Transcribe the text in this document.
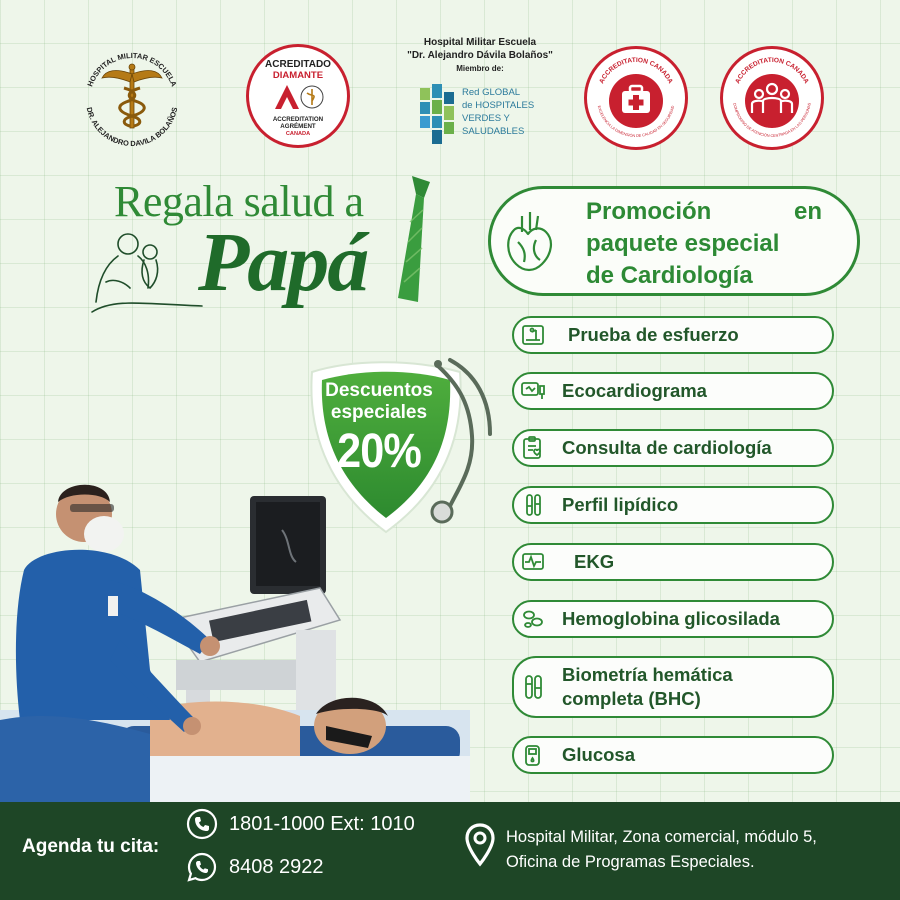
HOSPITAL MILITAR ESCUELA
DR. ALEJANDRO DAVILA BOLAÑOS
ACREDITADO
DIAMANTE
ACCREDITATION
AGRÉMENT
CANADA
Hospital Militar Escuela
"Dr. Alejandro Dávila Bolaños"
Miembro de:
Red GLOBAL
de HOSPITALES
VERDES Y
SALUDABLES
ACCREDITATION CANADA
EXCELENCIA LA DIMENSIÓN DE CALIDAD EN SEGURIDAD
ACCREDITATION CANADA
COMPROMISO DE ATENCIÓN CENTRADA EN LAS PERSONAS
Regala salud a
Papá
Descuentos
especiales
20%
Promoción	en
paquete especial
de Cardiología
Prueba de esfuerzo
Ecocardiograma
Consulta de cardiología
Perfil lipídico
EKG
Hemoglobina glicosilada
Biometría hemática
completa (BHC)
Glucosa
Agenda tu cita:
1801-1000 Ext: 1010
8408 2922
Hospital Militar, Zona comercial, módulo 5,
Oficina de Programas Especiales.
